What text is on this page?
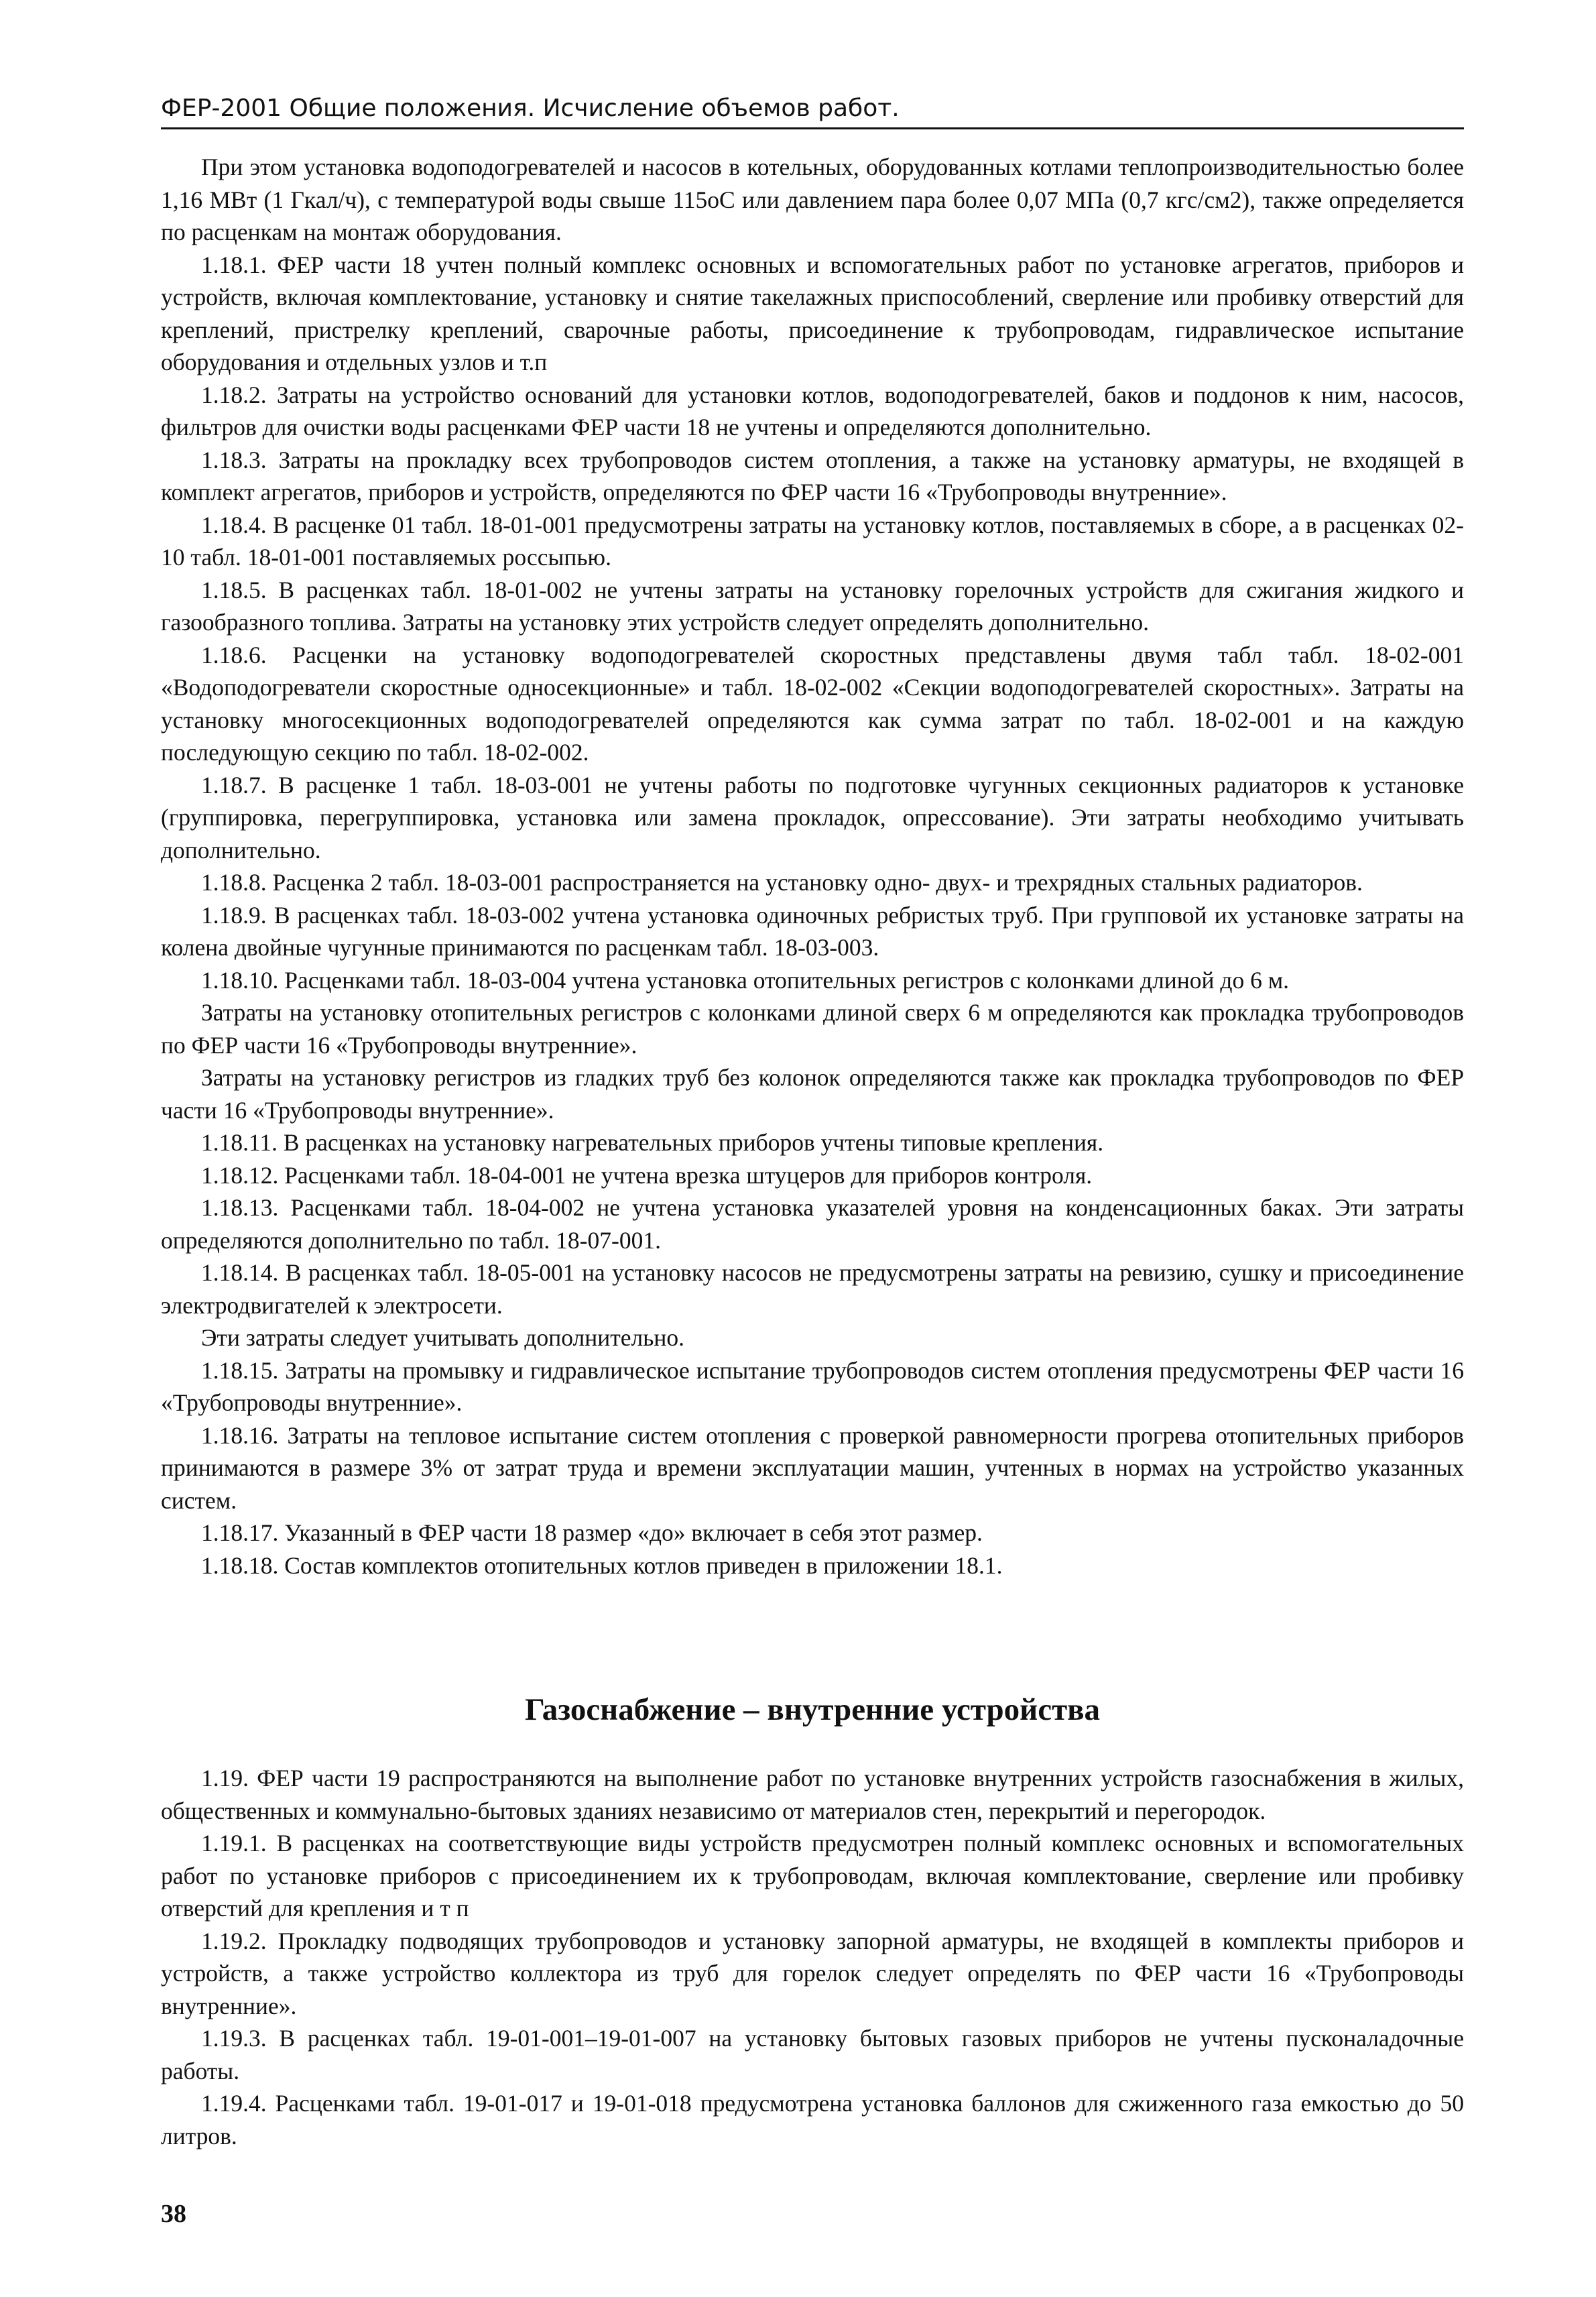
ФЕР-2001 Общие положения. Исчисление объемов работ.

При этом установка водоподогревателей и насосов в котельных, оборудованных котлами теплопроизводительностью более 1,16 МВт (1 Гкал/ч), с температурой воды свыше 115оС или давлением пара более 0,07 МПа (0,7 кгс/см2), также определяется по расценкам на монтаж оборудования.

1.18.1. ФЕР части 18 учтен полный комплекс основных и вспомогательных работ по установке агрегатов, приборов и устройств, включая комплектование, установку и снятие такелажных приспособлений, сверление или пробивку отверстий для креплений, пристрелку креплений, сварочные работы, присоединение к трубопроводам, гидравлическое испытание оборудования и отдельных узлов и т.п

1.18.2. Затраты на устройство оснований для установки котлов, водоподогревателей, баков и поддонов к ним, насосов, фильтров для очистки воды расценками ФЕР части 18 не учтены и определяются дополнительно.

1.18.3. Затраты на прокладку всех трубопроводов систем отопления, а также на установку арматуры, не входящей в комплект агрегатов, приборов и устройств, определяются по ФЕР части 16 «Трубопроводы внутренние».

1.18.4. В расценке 01 табл. 18-01-001 предусмотрены затраты на установку котлов, поставляемых в сборе, а в расценках 02-10 табл. 18-01-001 поставляемых россыпью.

1.18.5. В расценках табл. 18-01-002 не учтены затраты на установку горелочных устройств для сжигания жидкого и газообразного топлива. Затраты на установку этих устройств следует определять дополнительно.

1.18.6. Расценки на установку водоподогревателей скоростных представлены двумя табл табл. 18-02-001 «Водоподогреватели скоростные односекционные» и табл. 18-02-002 «Секции водоподогревателей скоростных». Затраты на установку многосекционных водоподогревателей определяются как сумма затрат по табл. 18-02-001 и на каждую последующую секцию по табл. 18-02-002.

1.18.7. В расценке 1 табл. 18-03-001 не учтены работы по подготовке чугунных секционных радиаторов к установке (группировка, перегруппировка, установка или замена прокладок, опрессование). Эти затраты необходимо учитывать дополнительно.

1.18.8. Расценка 2 табл. 18-03-001 распространяется на установку одно- двух- и трехрядных стальных радиаторов.

1.18.9. В расценках табл. 18-03-002 учтена установка одиночных ребристых труб. При групповой их установке затраты на колена двойные чугунные принимаются по расценкам табл. 18-03-003.

1.18.10. Расценками табл. 18-03-004 учтена установка отопительных регистров с колонками длиной до 6 м.

Затраты на установку отопительных регистров с колонками длиной сверх 6 м определяются как прокладка трубопроводов по ФЕР части 16 «Трубопроводы внутренние».

Затраты на установку регистров из гладких труб без колонок определяются также как прокладка трубопроводов по ФЕР части 16 «Трубопроводы внутренние».

1.18.11. В расценках на установку нагревательных приборов учтены типовые крепления.

1.18.12. Расценками табл. 18-04-001 не учтена врезка штуцеров для приборов контроля.

1.18.13. Расценками табл. 18-04-002 не учтена установка указателей уровня на конденсационных баках. Эти затраты определяются дополнительно по табл. 18-07-001.

1.18.14. В расценках табл. 18-05-001 на установку насосов не предусмотрены затраты на ревизию, сушку и присоединение электродвигателей к электросети.

Эти затраты следует учитывать дополнительно.

1.18.15. Затраты на промывку и гидравлическое испытание трубопроводов систем отопления предусмотрены ФЕР части 16 «Трубопроводы внутренние».

1.18.16. Затраты на тепловое испытание систем отопления с проверкой равномерности прогрева отопительных приборов принимаются в размере 3% от затрат труда и времени эксплуатации машин, учтенных в нормах на устройство указанных систем.

1.18.17. Указанный в ФЕР части 18 размер «до» включает в себя этот размер.

1.18.18. Состав комплектов отопительных котлов приведен в приложении 18.1.

Газоснабжение – внутренние устройства

1.19. ФЕР части 19 распространяются на выполнение работ по установке внутренних устройств газоснабжения в жилых, общественных и коммунально-бытовых зданиях независимо от материалов стен, перекрытий и перегородок.

1.19.1. В расценках на соответствующие виды устройств предусмотрен полный комплекс основных и вспомогательных работ по установке приборов с присоединением их к трубопроводам, включая комплектование, сверление или пробивку отверстий для крепления и т п

1.19.2. Прокладку подводящих трубопроводов и установку запорной арматуры, не входящей в комплекты приборов и устройств, а также устройство коллектора из труб для горелок следует определять по ФЕР части 16 «Трубопроводы внутренние».

1.19.3. В расценках табл. 19-01-001–19-01-007 на установку бытовых газовых приборов не учтены пусконаладочные работы.

1.19.4. Расценками табл. 19-01-017 и 19-01-018 предусмотрена установка баллонов для сжиженного газа емкостью до 50 литров.

38
